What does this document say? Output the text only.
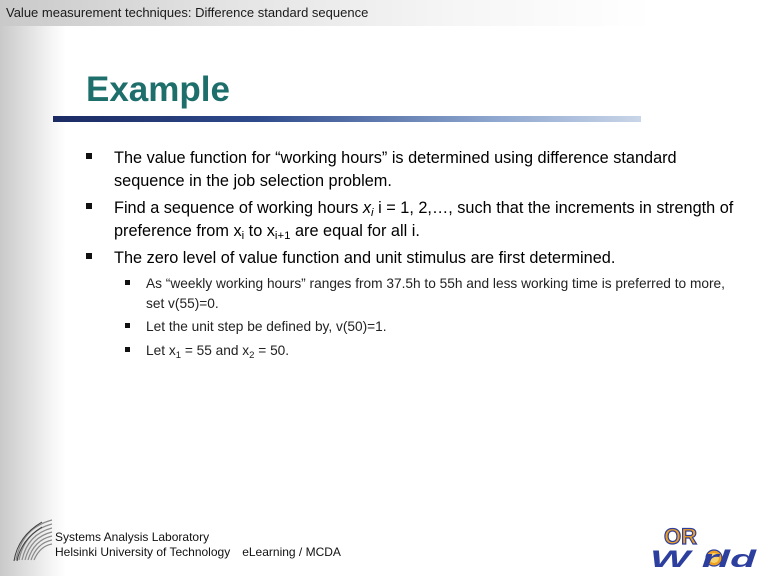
Value measurement techniques: Difference standard sequence
Example
The value function for “working hours” is determined using difference standard sequence in the job selection problem.
Find a sequence of working hours $x_i$ i = 1, 2,…, such that the increments in strength of preference from $x_i$ to $x_{i+1}$ are equal for all i.
The zero level of value function and unit stimulus are first determined.
As “weekly working hours” ranges from 37.5h to 55h and less working time is preferred to more, set v(55)=0.
Let the unit step be defined by, v(50)=1.
Let $x_1 = 55$ and $x_2 = 50$.
Systems Analysis Laboratory
Helsinki University of Technology eLearning / MCDA
OR
W rld
